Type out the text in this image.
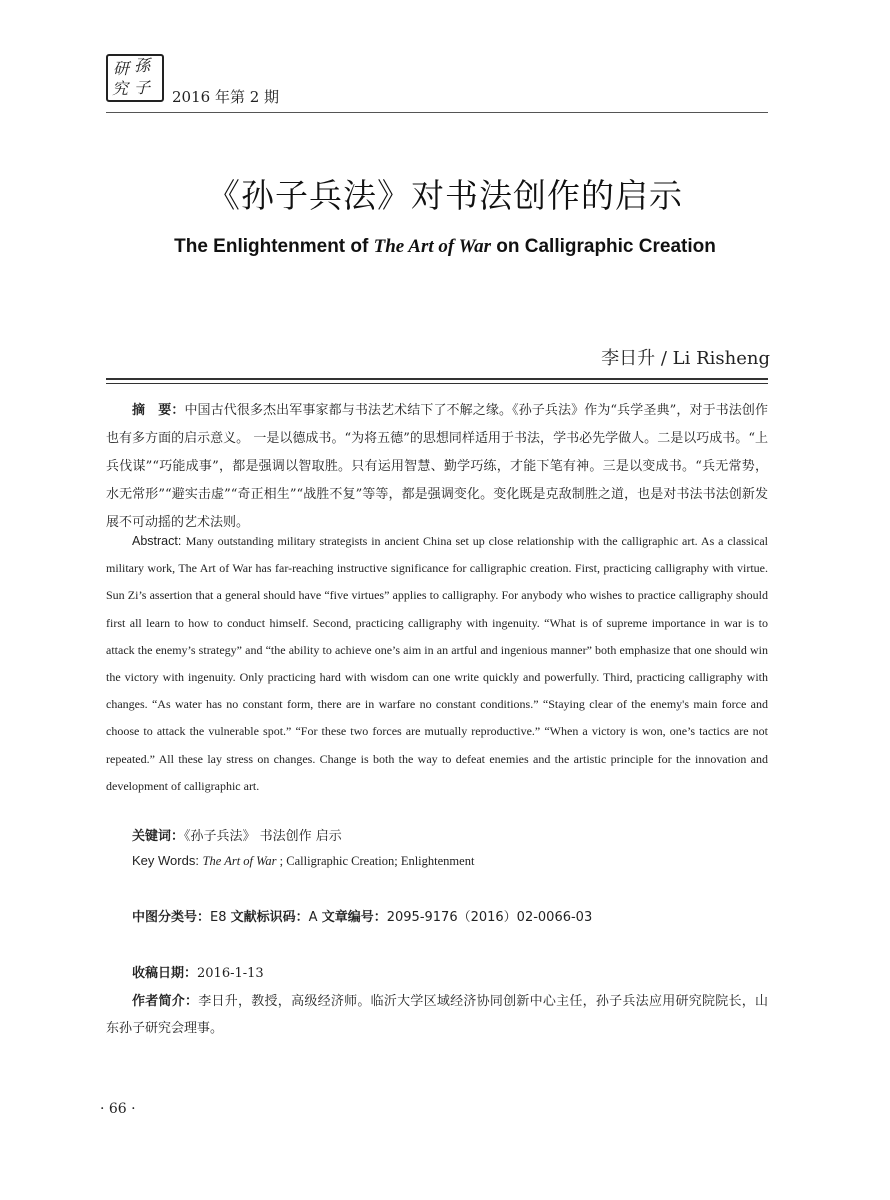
研 孫
究 子 2016 年第 2 期
《孙子兵法》对书法创作的启示
The Enlightenment of The Art of War on Calligraphic Creation
李日升 / Li Risheng
摘　要：中国古代很多杰出军事家都与书法艺术结下了不解之缘。《孙子兵法》作为“兵学圣典”，对于书法创作也有多方面的启示意义。 一是以德成书。“为将五德”的思想同样适用于书法，学书必先学做人。二是以巧成书。“上兵伐谋”“巧能成事”，都是强调以智取胜。只有运用智慧、勤学巧练，才能下笔有神。三是以变成书。“兵无常势，水无常形”“避实击虚”“奇正相生”“战胜不复”等等，都是强调变化。变化既是克敌制胜之道，也是对书法书法创新发展不可动摇的艺术法则。
Abstract: Many outstanding military strategists in ancient China set up close relationship with the calligraphic art. As a classical military work, The Art of War has far-reaching instructive significance for calligraphic creation. First, practicing calligraphy with virtue. Sun Zi’s assertion that a general should have “five virtues” applies to calligraphy. For anybody who wishes to practice calligraphy should first all learn to how to conduct himself. Second, practicing calligraphy with ingenuity. “What is of supreme importance in war is to attack the enemy’s strategy” and “the ability to achieve one’s aim in an artful and ingenious manner” both emphasize that one should win the victory with ingenuity. Only practicing hard with wisdom can one write quickly and powerfully. Third, practicing calligraphy with changes. “As water has no constant form, there are in warfare no constant conditions.” “Staying clear of the enemy's main force and choose to attack the vulnerable spot.” “For these two forces are mutually reproductive.” “When a victory is won, one’s tactics are not repeated.” All these lay stress on changes. Change is both the way to defeat enemies and the artistic principle for the innovation and development of calligraphic art.
关键词：《孙子兵法》 书法创作 启示
Key Words: The Art of War ; Calligraphic Creation; Enlightenment
中图分类号：E8 文献标识码：A 文章编号：2095-9176（2016）02-0066-03
收稿日期：2016-1-13
作者简介：李日升，教授，高级经济师。临沂大学区域经济协同创新中心主任，孙子兵法应用研究院院长，山东孙子研究会理事。
· 66 ·
